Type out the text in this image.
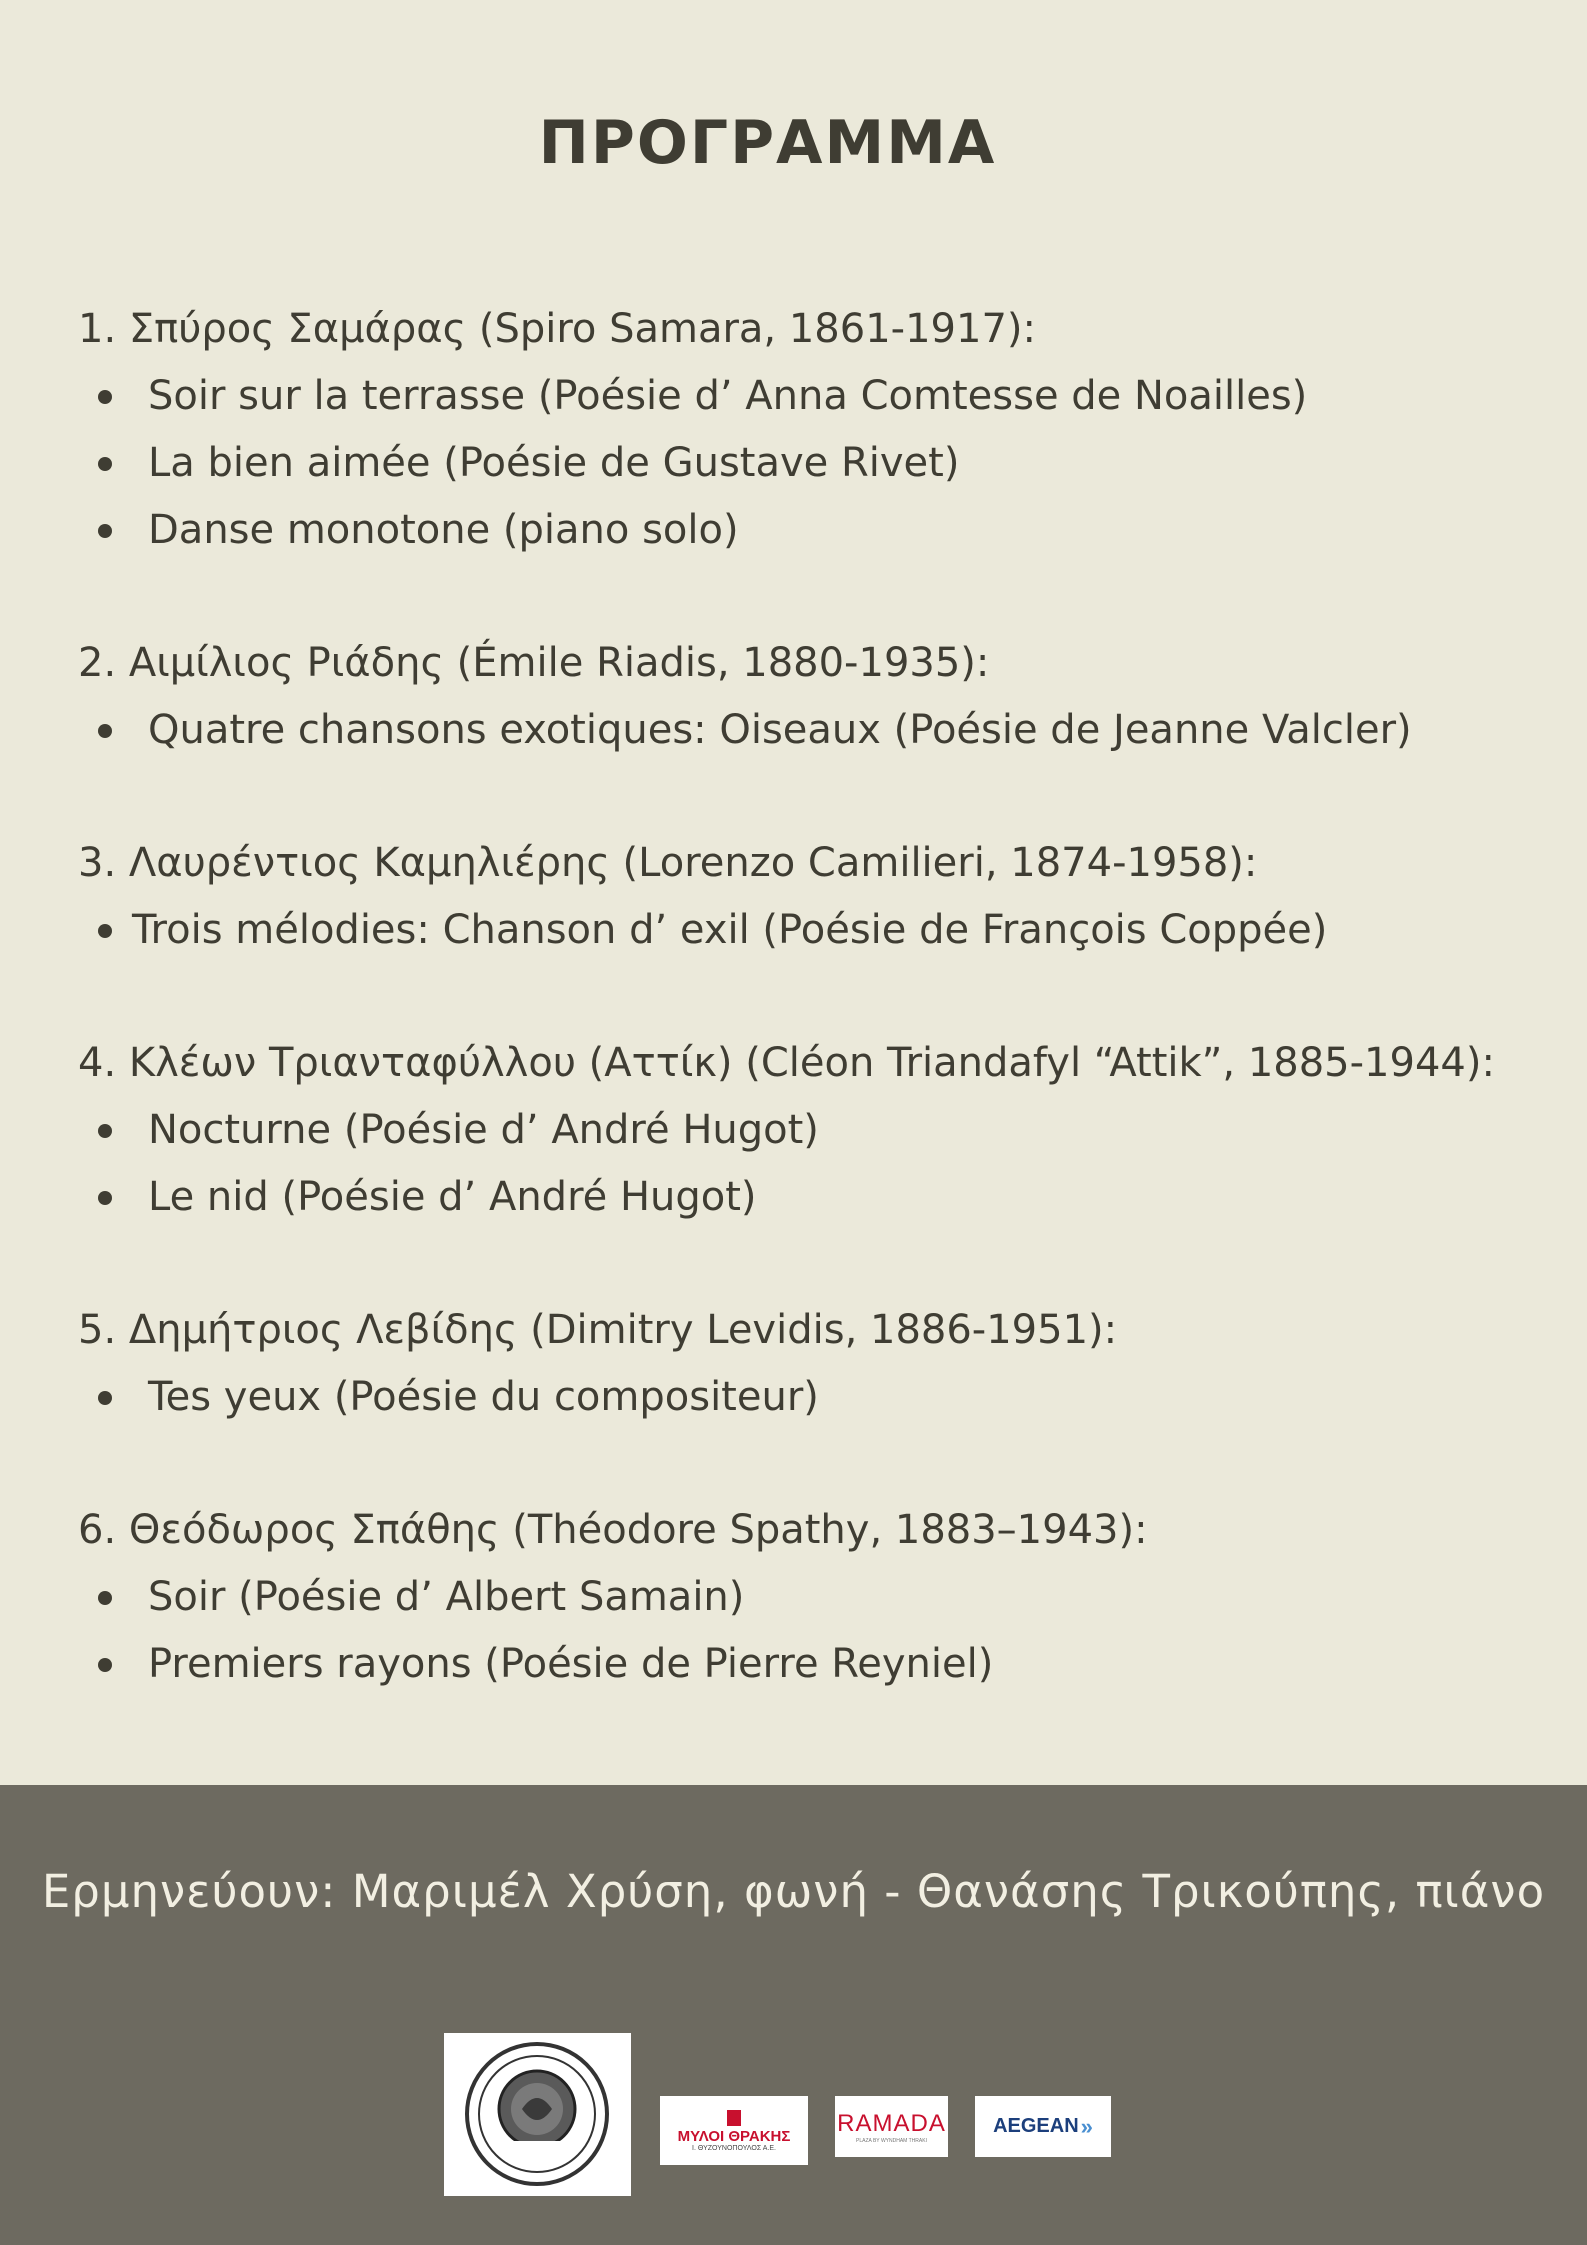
ΠΡΟΓΡΑΜΜΑ
1. Σπύρος Σαμάρας (Spiro Samara, 1861-1917):
Soir sur la terrasse (Poésie d’ Anna Comtesse de Noailles)
La bien aimée (Poésie de Gustave Rivet)
Danse monotone (piano solo)
2. Αιμίλιος Ριάδης (Émile Riadis, 1880-1935):
Quatre chansons exotiques: Oiseaux (Poésie de Jeanne Valcler)
3. Λαυρέντιος Καμηλιέρης (Lorenzo Camilieri, 1874-1958):
Trois mélodies: Chanson d’ exil (Poésie de François Coppée)
4. Κλέων Τριανταφύλλου (Αττίκ) (Cléon Triandafyl “Attik”, 1885-1944):
Nocturne (Poésie d’ André Hugot)
Le nid (Poésie d’ André Hugot)
5. Δημήτριος Λεβίδης (Dimitry Levidis, 1886-1951):
Tes yeux (Poésie du compositeur)
6. Θεόδωρος Σπάθης (Théodore Spathy, 1883–1943):
Soir (Poésie d’ Albert Samain)
Premiers rayons (Poésie de Pierre Reyniel)
Ερμηνεύουν: Μαριμέλ Χρύση, φωνή - Θανάσης Τρικούπης, πιάνο
ΜΥΛΟΙ ΘΡΑΚΗΣ
Ι. ΘΥΖΟΥΝΟΠΟΥΛΟΣ Α.Ε.
RAMADA
PLAZA BY WYNDHAM THRAKI
AEGEAN »
